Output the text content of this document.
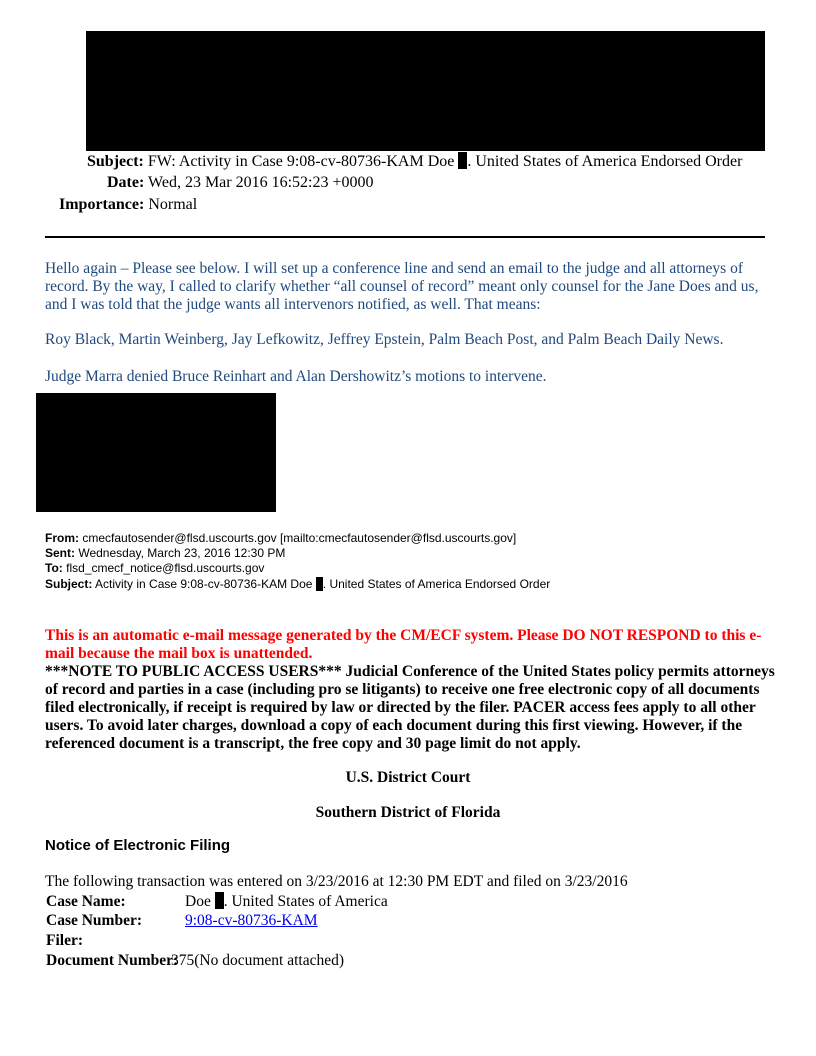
Subject: FW: Activity in Case 9:08-cv-80736-KAM Doe . United States of America Endorsed Order
Date: Wed, 23 Mar 2016 16:52:23 +0000
Importance: Normal
Hello again – Please see below. I will set up a conference line and send an email to the judge and all attorneys of record. By the way, I called to clarify whether “all counsel of record” meant only counsel for the Jane Does and us, and I was told that the judge wants all intervenors notified, as well. That means:
Roy Black, Martin Weinberg, Jay Lefkowitz, Jeffrey Epstein, Palm Beach Post, and Palm Beach Daily News.
Judge Marra denied Bruce Reinhart and Alan Dershowitz’s motions to intervene.
From: cmecfautosender@flsd.uscourts.gov [mailto:cmecfautosender@flsd.uscourts.gov]
Sent: Wednesday, March 23, 2016 12:30 PM
To: flsd_cmecf_notice@flsd.uscourts.gov
Subject: Activity in Case 9:08-cv-80736-KAM Doe . United States of America Endorsed Order
This is an automatic e-mail message generated by the CM/ECF system. Please DO NOT RESPOND to this e-mail because the mail box is unattended.
***NOTE TO PUBLIC ACCESS USERS*** Judicial Conference of the United States policy permits attorneys of record and parties in a case (including pro se litigants) to receive one free electronic copy of all documents filed electronically, if receipt is required by law or directed by the filer. PACER access fees apply to all other users. To avoid later charges, download a copy of each document during this first viewing. However, if the referenced document is a transcript, the free copy and 30 page limit do not apply.
U.S. District Court
Southern District of Florida
Notice of Electronic Filing
The following transaction was entered on 3/23/2016 at 12:30 PM EDT and filed on 3/23/2016
Case Name:	Doe . United States of America
Case Number:	9:08-cv-80736-KAM
Filer:
Document Number:375(No document attached)
